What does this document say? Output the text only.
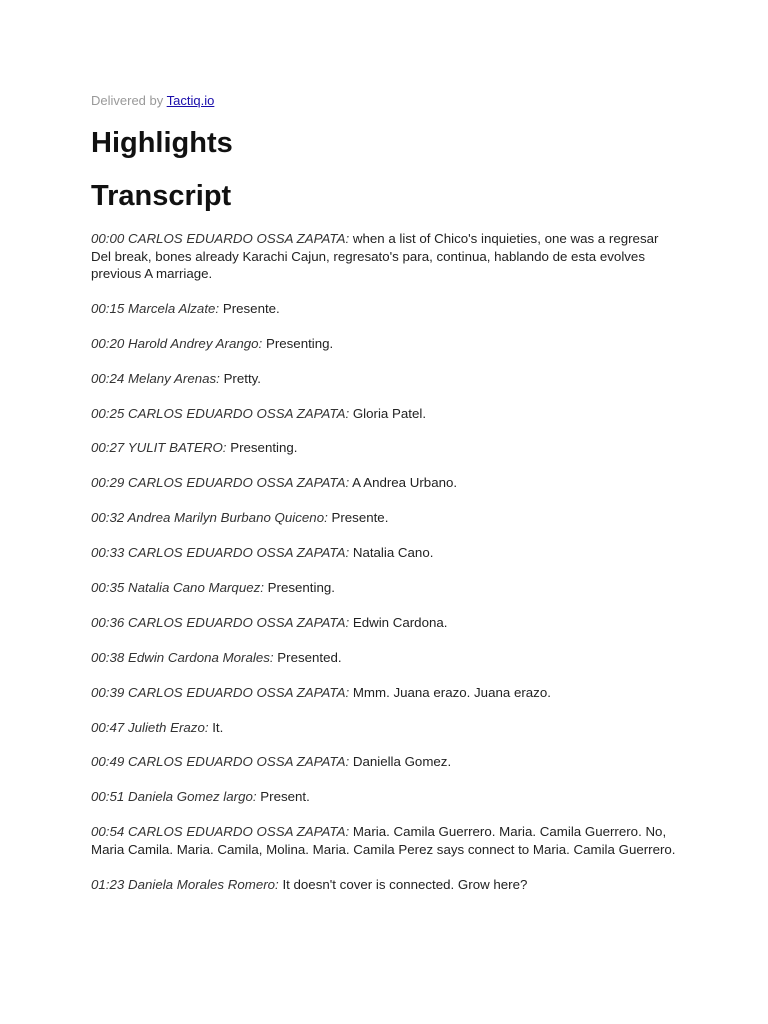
Delivered by Tactiq.io
Highlights
Transcript

00:00 CARLOS EDUARDO OSSA ZAPATA: when a list of Chico's inquieties, one was a regresar Del break, bones already Karachi Cajun, regresato's para, continua, hablando de esta evolves previous A marriage.

00:15 Marcela Alzate: Presente.

00:20 Harold Andrey Arango: Presenting.

00:24 Melany Arenas: Pretty.

00:25 CARLOS EDUARDO OSSA ZAPATA: Gloria Patel.

00:27 YULIT BATERO: Presenting.

00:29 CARLOS EDUARDO OSSA ZAPATA: A Andrea Urbano.

00:32 Andrea Marilyn Burbano Quiceno: Presente.

00:33 CARLOS EDUARDO OSSA ZAPATA: Natalia Cano.

00:35 Natalia Cano Marquez: Presenting.

00:36 CARLOS EDUARDO OSSA ZAPATA: Edwin Cardona.

00:38 Edwin Cardona Morales: Presented.

00:39 CARLOS EDUARDO OSSA ZAPATA: Mmm. Juana erazo. Juana erazo.

00:47 Julieth Erazo: It.

00:49 CARLOS EDUARDO OSSA ZAPATA: Daniella Gomez.

00:51 Daniela Gomez largo: Present.

00:54 CARLOS EDUARDO OSSA ZAPATA: Maria. Camila Guerrero. Maria. Camila Guerrero. No, Maria Camila. Maria. Camila, Molina. Maria. Camila Perez says connect to Maria. Camila Guerrero.

01:23 Daniela Morales Romero: It doesn't cover is connected. Grow here?
